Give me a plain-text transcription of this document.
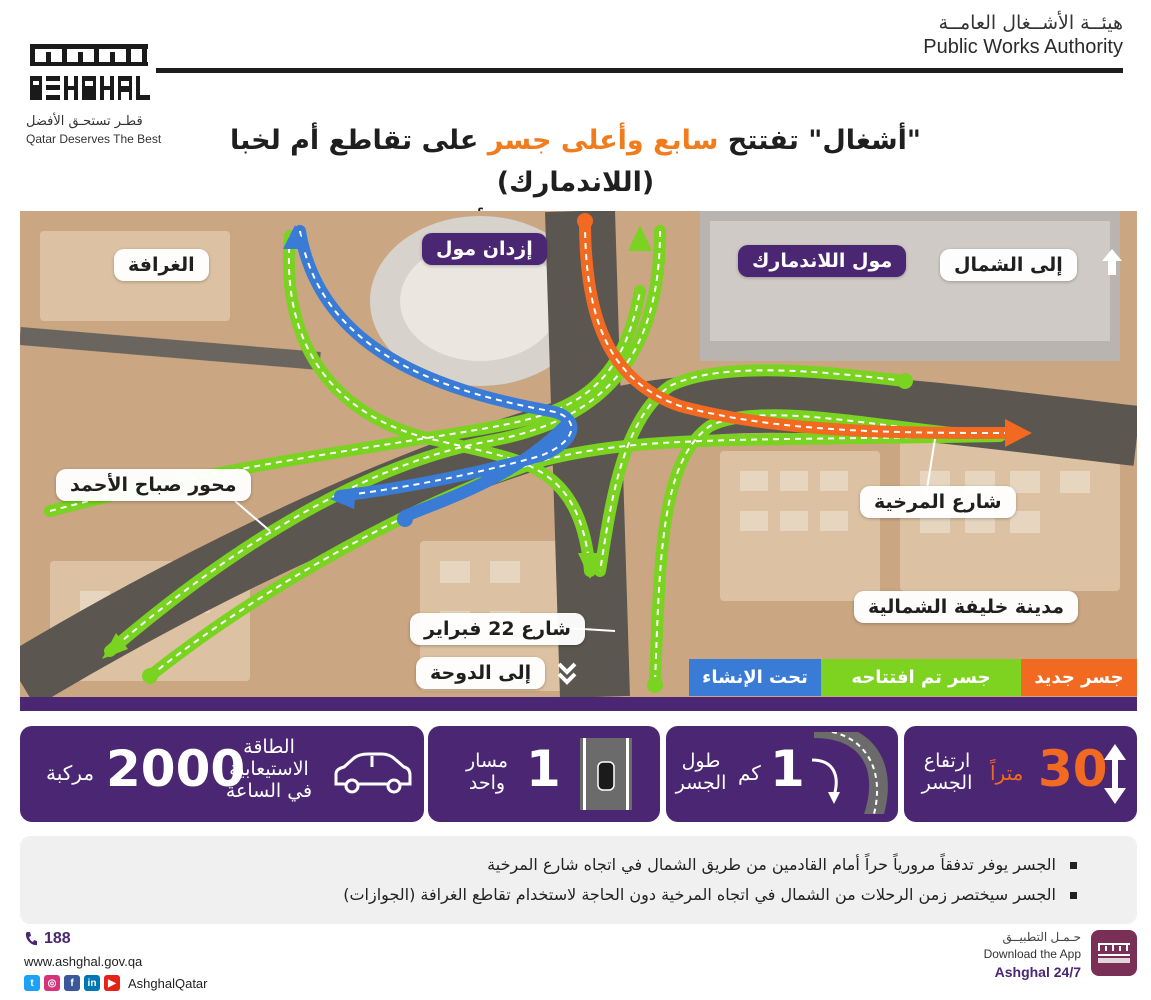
هيئــة الأشــغال العامــة
Public Works Authority
قطـر تستحـق الأفضل
Qatar Deserves The Best	"أشغال" تفتتح سابع وأعلى جسر على تقاطع أم لخبا (اللاندمارك)
الغرافة
إزدان مول
مول اللاندمارك	إلى الشمال
محور صباح الأحمد
شارع المرخية
مدينة خليفة الشمالية
شارع 22 فبراير
إلى الدوحة	جسر جديد
جسر تم افتتاحه
تحت الإنشاء
مركبة 2000
الطاقة
الاستيعابية
في الساعة
مسار
واحد 1	طول
الجسر كم 1	ارتفاع
الجسر متراً 30
الجسر يوفر تدفقاً مرورياً حراً أمام القادمين من طريق الشمال في اتجاه شارع المرخية
الجسر سيختصر زمن الرحلات من الشمال في اتجاه المرخية دون الحاجة لاستخدام تقاطع الغرافة (الجوازات)
188
www.ashghal.gov.qa
t	◎	f	in	▶ AshghalQatar
حـمـل التطبيــق
Download the App
Ashghal 24/7
